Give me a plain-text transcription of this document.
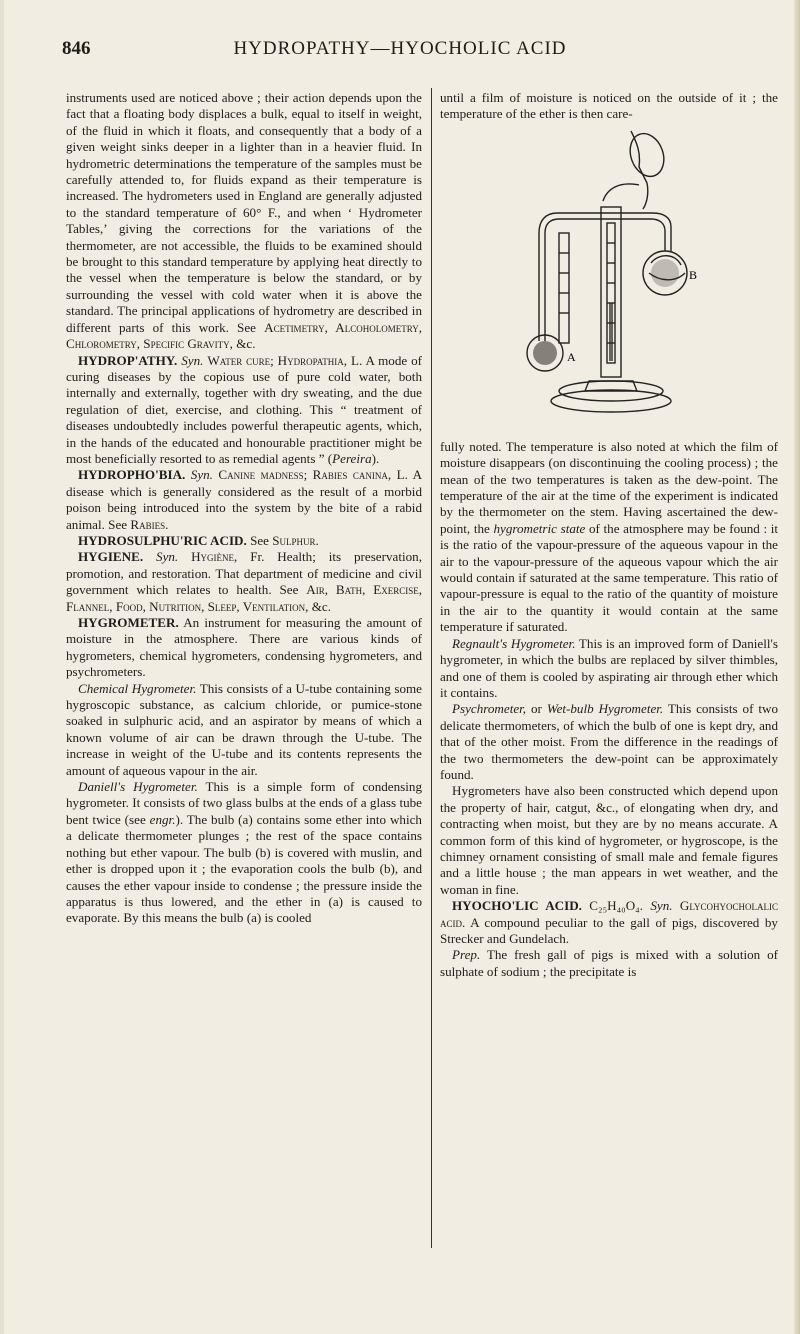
846	HYDROPATHY—HYOCHOLIC ACID

instruments used are noticed above ; their action depends upon the fact that a floating body displaces a bulk, equal to itself in weight, of the fluid in which it floats, and consequently that a body of a given weight sinks deeper in a lighter than in a heavier fluid. In hydrometric determinations the temperature of the samples must be carefully attended to, for fluids expand as their temperature is increased. The hydrometers used in England are generally adjusted to the standard temperature of 60° F., and when ‘ Hydrometer Tables,’ giving the corrections for the variations of the thermometer, are not accessible, the fluids to be examined should be brought to this standard temperature by applying heat directly to the vessel when the temperature is below the standard, or by surrounding the vessel with cold water when it is above the standard. The principal applications of hydrometry are described in different parts of this work. See Acetimetry, Alcoholometry, Chlorometry, Specific Gravity, &c.

HYDROP'ATHY. Syn. Water cure; Hydropathia, L. A mode of curing diseases by the copious use of pure cold water, both internally and externally, together with dry sweating, and the due regulation of diet, exercise, and clothing. This “ treatment of diseases undoubtedly includes powerful therapeutic agents, which, in the hands of the educated and honourable practitioner might be most beneficially resorted to as remedial agents ” (Pereira).

HYDROPHO'BIA. Syn. Canine madness; Rabies canina, L. A disease which is generally considered as the result of a morbid poison being introduced into the system by the bite of a rabid animal. See Rabies.

HYDROSULPHU'RIC ACID. See Sulphur.

HYGIENE. Syn. Hygiène, Fr. Health; its preservation, promotion, and restoration. That department of medicine and civil government which relates to health. See Air, Bath, Exercise, Flannel, Food, Nutrition, Sleep, Ventilation, &c.

HYGROMETER. An instrument for measuring the amount of moisture in the atmosphere. There are various kinds of hygrometers, chemical hygrometers, condensing hygrometers, and psychrometers.

Chemical Hygrometer. This consists of a U-tube containing some hygroscopic substance, as calcium chloride, or pumice-stone soaked in sulphuric acid, and an aspirator by means of which a known volume of air can be drawn through the U-tube. The increase in weight of the U-tube and its contents represents the amount of aqueous vapour in the air.

Daniell's Hygrometer. This is a simple form of condensing hygrometer. It consists of two glass bulbs at the ends of a glass tube bent twice (see engr.). The bulb (a) contains some ether into which a delicate thermometer plunges ; the rest of the space contains nothing but ether vapour. The bulb (b) is covered with muslin, and ether is dropped upon it ; the evaporation cools the bulb (b), and causes the ether vapour inside to condense ; the pressure inside the apparatus is thus lowered, and the ether in (a) is caused to evaporate. By this means the bulb (a) is cooled

until a film of moisture is noticed on the outside of it ; the temperature of the ether is then care-

A
B

fully noted. The temperature is also noted at which the film of moisture disappears (on discontinuing the cooling process) ; the mean of the two temperatures is taken as the dew-point. The temperature of the air at the time of the experiment is indicated by the thermometer on the stem. Having ascertained the dew-point, the hygrometric state of the atmosphere may be found : it is the ratio of the vapour-pressure of the aqueous vapour in the air to the vapour-pressure of the aqueous vapour which the air would contain if saturated at the same temperature. This ratio of vapour-pressure is equal to the ratio of the quantity of moisture in the air to the quantity it would contain at the same temperature if saturated.

Regnault's Hygrometer. This is an improved form of Daniell's hygrometer, in which the bulbs are replaced by silver thimbles, and one of them is cooled by aspirating air through ether which it contains.

Psychrometer, or Wet-bulb Hygrometer. This consists of two delicate thermometers, of which the bulb of one is kept dry, and that of the other moist. From the difference in the readings of the two thermometers the dew-point can be approximately found.

Hygrometers have also been constructed which depend upon the property of hair, catgut, &c., of elongating when dry, and contracting when moist, but they are by no means accurate. A common form of this kind of hygrometer, or hygroscope, is the chimney ornament consisting of small male and female figures and a little house ; the man appears in wet weather, and the woman in fine.

HYOCHO'LIC ACID. C₂₅H₄₀O₄. Syn. Glycohyocholalic acid. A compound peculiar to the gall of pigs, discovered by Strecker and Gundelach.

Prep. The fresh gall of pigs is mixed with a solution of sulphate of sodium ; the precipitate is
